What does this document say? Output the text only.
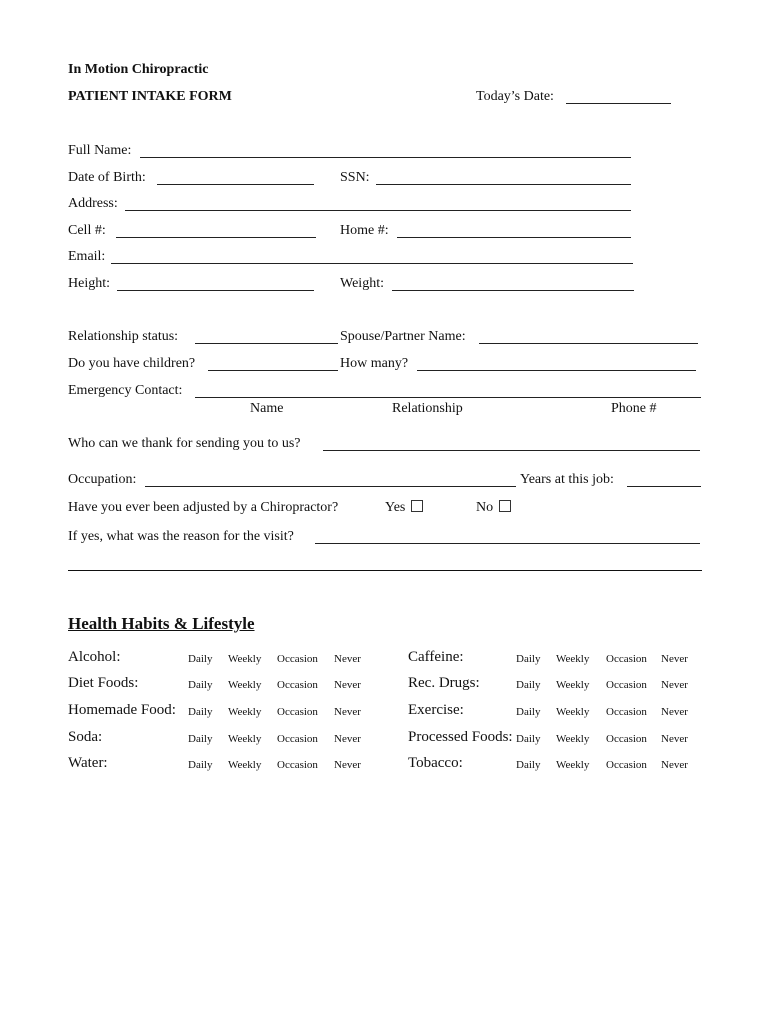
In Motion Chiropractic
PATIENT INTAKE FORM	Today’s Date:
Full Name:
Date of Birth:	SSN:
Address:
Cell #:	Home #:
Email:
Height:	Weight:
Relationship status:	Spouse/Partner Name:
Do you have children?	How many?
Emergency Contact:
Name	Relationship	Phone #
Who can we thank for sending you to us?
Occupation:	Years at this job:
Have you ever been adjusted by a Chiropractor?	Yes	No
If yes, what was the reason for the visit?
Health Habits & Lifestyle
Alcohol:	Daily Weekly Occasion Never
Diet Foods:	Daily Weekly Occasion Never
Homemade Food: Daily Weekly Occasion Never
Soda:	Daily Weekly Occasion Never
Water:	Daily Weekly Occasion Never
Caffeine:	Daily Weekly Occasion Never
Rec. Drugs:	Daily Weekly Occasion Never
Exercise:	Daily Weekly Occasion Never
Processed Foods: Daily Weekly Occasion Never
Tobacco:	Daily Weekly Occasion Never
